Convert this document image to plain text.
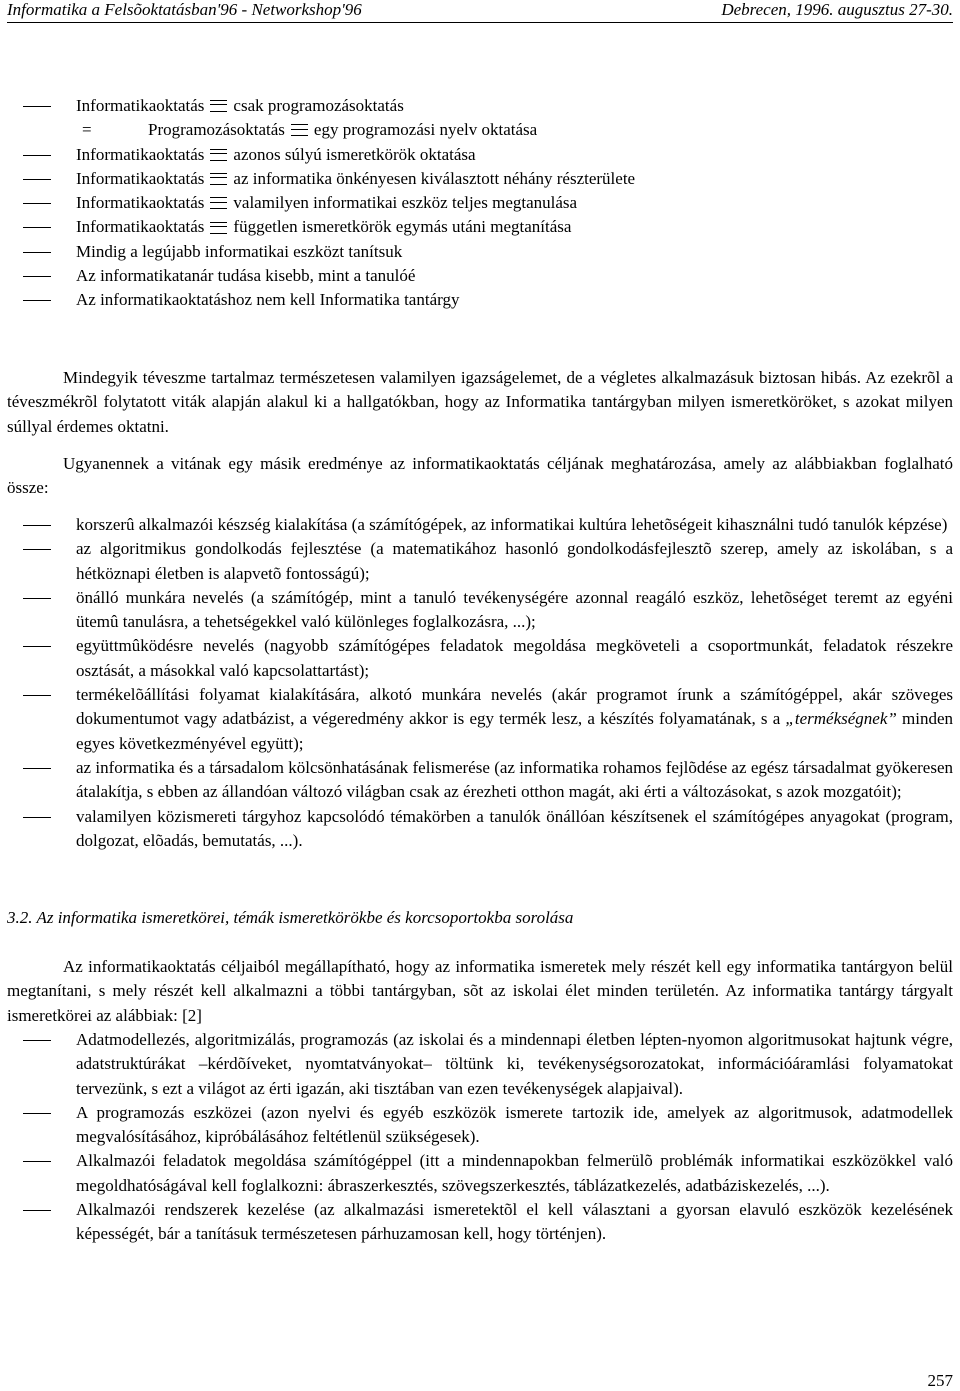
Informatika a Felsõoktatásban'96 - Networkshop'96	Debrecen, 1996. augusztus 27-30.
Informatikaoktatás csak programozásoktatás
=	Programozásoktatás egy programozási nyelv oktatása
Informatikaoktatás azonos súlyú ismeretkörök oktatása
Informatikaoktatás az informatika önkényesen kiválasztott néhány részterülete
Informatikaoktatás valamilyen informatikai eszköz teljes megtanulása
Informatikaoktatás független ismeretkörök egymás utáni megtanítása
Mindig a legújabb informatikai eszközt tanítsuk
Az informatikatanár tudása kisebb, mint a tanulóé
Az informatikaoktatáshoz nem kell Informatika tantárgy

Mindegyik téveszme tartalmaz természetesen valamilyen igazságelemet, de a végletes alkalmazásuk biztosan hibás. Az ezekrõl a téveszmékrõl folytatott viták alapján alakul ki a hallgatókban, hogy az Informatika tantárgyban milyen ismeretköröket, s azokat milyen súllyal érdemes oktatni.

Ugyanennek a vitának egy másik eredménye az informatikaoktatás céljának meghatározása, amely az alábbiakban foglalható össze:

korszerû alkalmazói készség kialakítása (a számítógépek, az informatikai kultúra lehetõségeit kihasználni tudó tanulók képzése)
az algoritmikus gondolkodás fejlesztése (a matematikához hasonló gondolkodásfejlesztõ szerep, amely az iskolában, s a hétköznapi életben is alapvetõ fontosságú);
önálló munkára nevelés (a számítógép, mint a tanuló tevékenységére azonnal reagáló eszköz, lehetõséget teremt az egyéni ütemû tanulásra, a tehetségekkel való különleges foglalkozásra, ...);
együttmûködésre nevelés (nagyobb számítógépes feladatok megoldása megköveteli a csoportmunkát, feladatok részekre osztását, a másokkal való kapcsolattartást);
termékelõállítási folyamat kialakítására, alkotó munkára nevelés (akár programot írunk a számítógéppel, akár szöveges dokumentumot vagy adatbázist, a végeredmény akkor is egy termék lesz, a készítés folyamatának, s a „termékségnek” minden egyes következményével együtt);
az informatika és a társadalom kölcsönhatásának felismerése (az informatika rohamos fejlõdése az egész társadalmat gyökeresen átalakítja, s ebben az állandóan változó világban csak az érezheti otthon magát, aki érti a változásokat, s azok mozgatóit);
valamilyen közismereti tárgyhoz kapcsolódó témakörben a tanulók önállóan készítsenek el számítógépes anyagokat (program, dolgozat, elõadás, bemutatás, ...).
3.2. Az informatika ismeretkörei, témák ismeretkörökbe és korcsoportokba sorolása

Az informatikaoktatás céljaiból megállapítható, hogy az informatika ismeretek mely részét kell egy informatika tantárgyon belül megtanítani, s mely részét kell alkalmazni a többi tantárgyban, sõt az iskolai élet minden területén. Az informatika tantárgy tárgyalt ismeretkörei az alábbiak: [2]

Adatmodellezés, algoritmizálás, programozás (az iskolai és a mindennapi életben lépten-nyomon algoritmusokat hajtunk végre, adatstruktúrákat –kérdõíveket, nyomtatványokat– töltünk ki, tevékenységsorozatokat, információáramlási folyamatokat tervezünk, s ezt a világot az érti igazán, aki tisztában van ezen tevékenységek alapjaival).
A programozás eszközei (azon nyelvi és egyéb eszközök ismerete tartozik ide, amelyek az algoritmusok, adatmodellek megvalósításához, kipróbálásához feltétlenül szükségesek).
Alkalmazói feladatok megoldása számítógéppel (itt a mindennapokban felmerülõ problémák informatikai eszközökkel való megoldhatóságával kell foglalkozni: ábraszerkesztés, szövegszerkesztés, táblázatkezelés, adatbáziskezelés, ...).
Alkalmazói rendszerek kezelése (az alkalmazási ismeretektõl el kell választani a gyorsan elavuló eszközök kezelésének képességét, bár a tanításuk természetesen párhuzamosan kell, hogy történjen).
257
